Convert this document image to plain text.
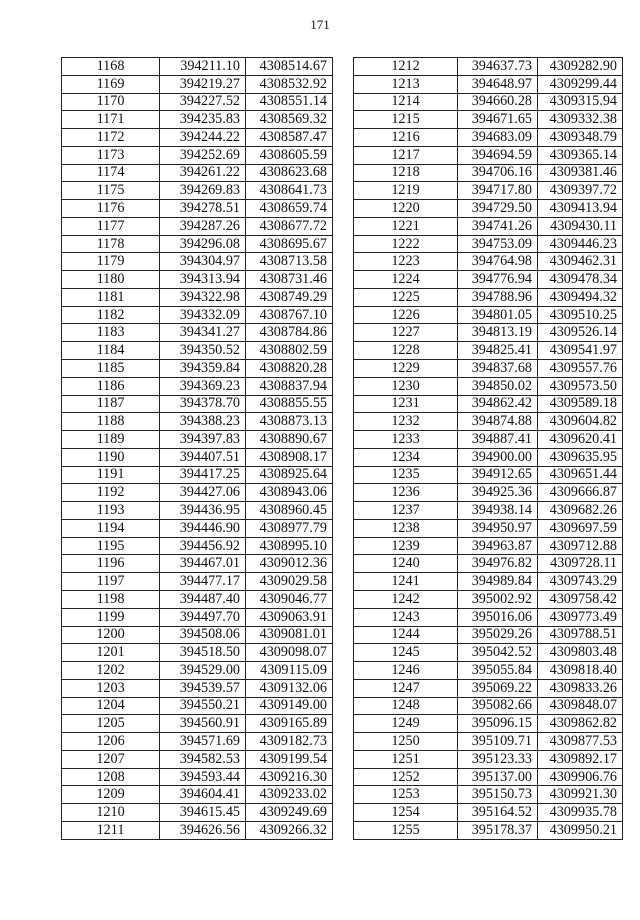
171
1168	394211.10	4308514.67
1169	394219.27	4308532.92
1170	394227.52	4308551.14
1171	394235.83	4308569.32
1172	394244.22	4308587.47
1173	394252.69	4308605.59
1174	394261.22	4308623.68
1175	394269.83	4308641.73
1176	394278.51	4308659.74
1177	394287.26	4308677.72
1178	394296.08	4308695.67
1179	394304.97	4308713.58
1180	394313.94	4308731.46
1181	394322.98	4308749.29
1182	394332.09	4308767.10
1183	394341.27	4308784.86
1184	394350.52	4308802.59
1185	394359.84	4308820.28
1186	394369.23	4308837.94
1187	394378.70	4308855.55
1188	394388.23	4308873.13
1189	394397.83	4308890.67
1190	394407.51	4308908.17
1191	394417.25	4308925.64
1192	394427.06	4308943.06
1193	394436.95	4308960.45
1194	394446.90	4308977.79
1195	394456.92	4308995.10
1196	394467.01	4309012.36
1197	394477.17	4309029.58
1198	394487.40	4309046.77
1199	394497.70	4309063.91
1200	394508.06	4309081.01
1201	394518.50	4309098.07
1202	394529.00	4309115.09
1203	394539.57	4309132.06
1204	394550.21	4309149.00
1205	394560.91	4309165.89
1206	394571.69	4309182.73
1207	394582.53	4309199.54
1208	394593.44	4309216.30
1209	394604.41	4309233.02
1210	394615.45	4309249.69
1211	394626.56	4309266.32
1212	394637.73	4309282.90
1213	394648.97	4309299.44
1214	394660.28	4309315.94
1215	394671.65	4309332.38
1216	394683.09	4309348.79
1217	394694.59	4309365.14
1218	394706.16	4309381.46
1219	394717.80	4309397.72
1220	394729.50	4309413.94
1221	394741.26	4309430.11
1222	394753.09	4309446.23
1223	394764.98	4309462.31
1224	394776.94	4309478.34
1225	394788.96	4309494.32
1226	394801.05	4309510.25
1227	394813.19	4309526.14
1228	394825.41	4309541.97
1229	394837.68	4309557.76
1230	394850.02	4309573.50
1231	394862.42	4309589.18
1232	394874.88	4309604.82
1233	394887.41	4309620.41
1234	394900.00	4309635.95
1235	394912.65	4309651.44
1236	394925.36	4309666.87
1237	394938.14	4309682.26
1238	394950.97	4309697.59
1239	394963.87	4309712.88
1240	394976.82	4309728.11
1241	394989.84	4309743.29
1242	395002.92	4309758.42
1243	395016.06	4309773.49
1244	395029.26	4309788.51
1245	395042.52	4309803.48
1246	395055.84	4309818.40
1247	395069.22	4309833.26
1248	395082.66	4309848.07
1249	395096.15	4309862.82
1250	395109.71	4309877.53
1251	395123.33	4309892.17
1252	395137.00	4309906.76
1253	395150.73	4309921.30
1254	395164.52	4309935.78
1255	395178.37	4309950.21
